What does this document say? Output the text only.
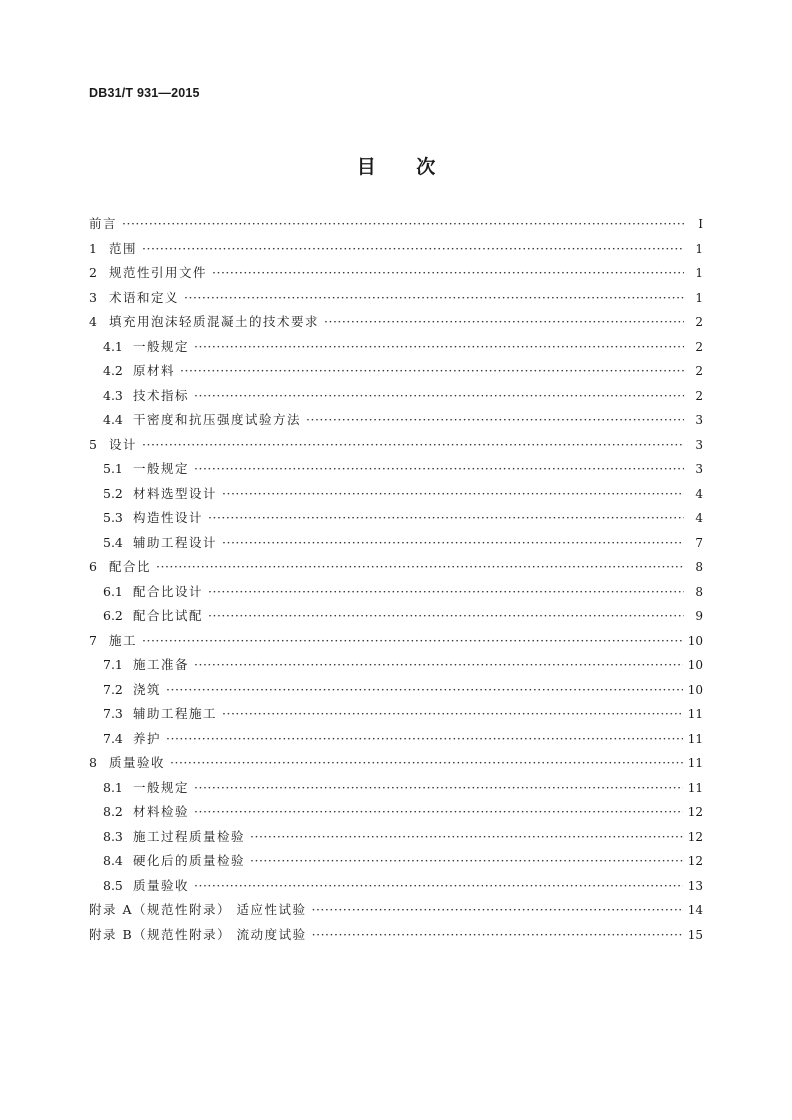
DB31/T 931—2015
目 次
前言 ·····	I
1 范围 ·····	1
2 规范性引用文件 ·····	1
3 术语和定义 ·····	1
4 填充用泡沫轻质混凝土的技术要求 ·····	2
4.1 一般规定 ·····	2
4.2 原材料 ·····	2
4.3 技术指标 ·····	2
4.4 干密度和抗压强度试验方法 ·····	3
5 设计 ·····	3
5.1 一般规定 ·····	3
5.2 材料选型设计 ·····	4
5.3 构造性设计 ·····	4
5.4 辅助工程设计 ·····	7
6 配合比 ·····	8
6.1 配合比设计 ·····	8
6.2 配合比试配 ·····	9
7 施工 ·····	10
7.1 施工准备 ·····	10
7.2 浇筑 ·····	10
7.3 辅助工程施工 ·····	11
7.4 养护 ·····	11
8 质量验收 ·····	11
8.1 一般规定 ·····	11
8.2 材料检验 ·····	12
8.3 施工过程质量检验 ·····	12
8.4 硬化后的质量检验 ·····	12
8.5 质量验收 ·····	13
附录 A（规范性附录） 适应性试验 ·····	14
附录 B（规范性附录） 流动度试验 ·····	15
